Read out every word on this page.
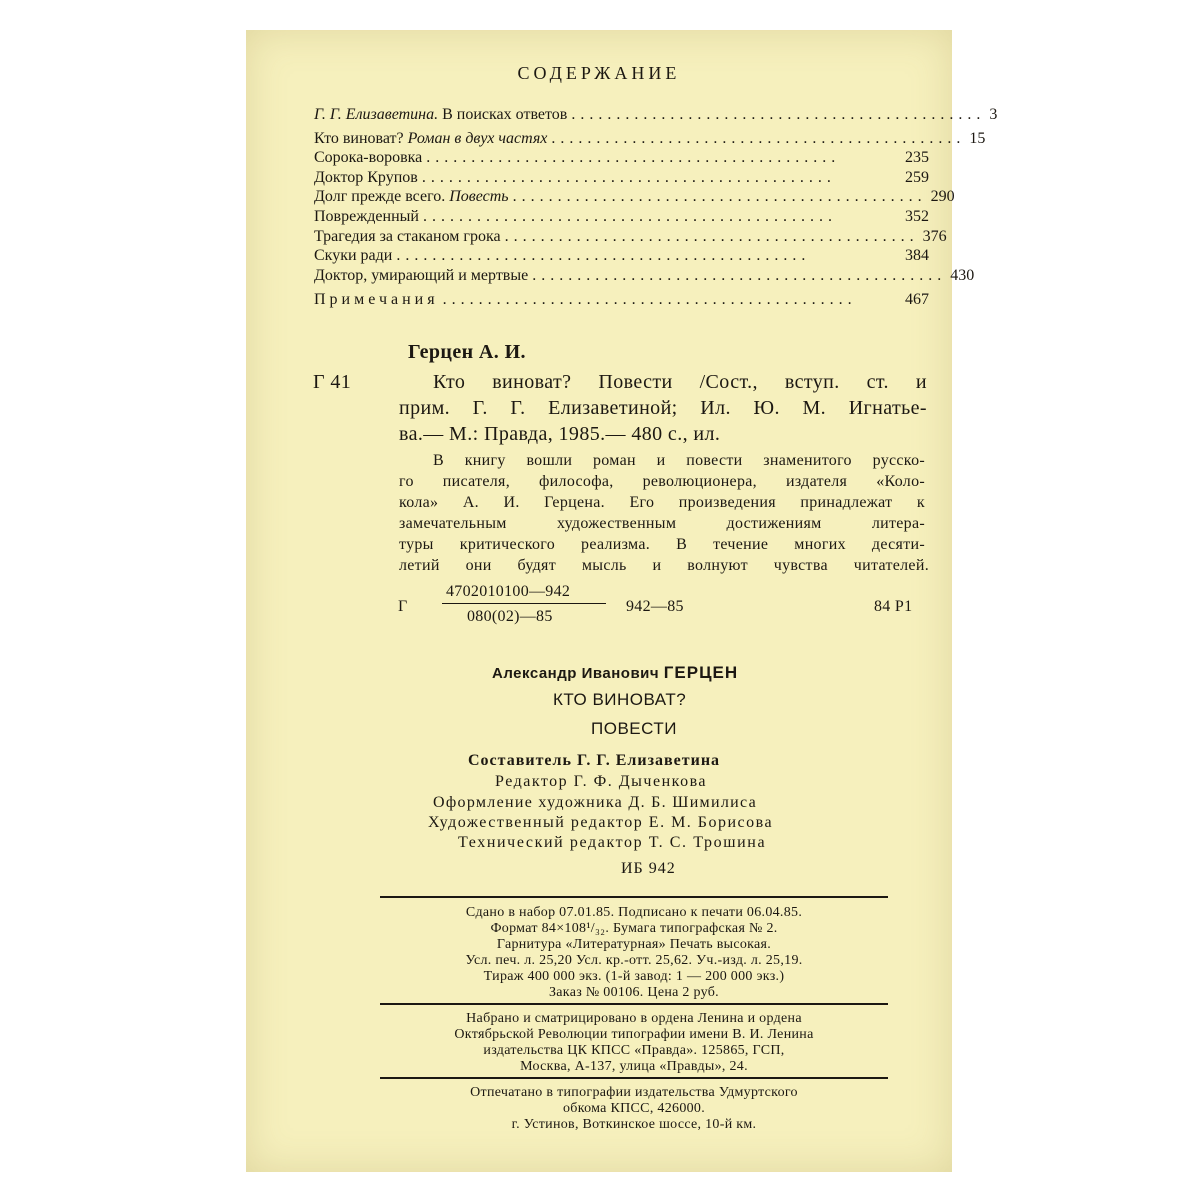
СОДЕРЖАНИЕ
Г. Г. Елизаветина. В поисках ответов .............................................. 3
Кто виноват? Роман в двух частях .............................................. 15
Сорока-воровка ..............................................	235
Доктор Крупов ..............................................	259
Долг прежде всего. Повесть .............................................. 290
Поврежденный ..............................................	352
Трагедия за стаканом грока .............................................. 376
Скуки ради ..............................................	384
Доктор, умирающий и мертвые .............................................. 430
Примечания ..............................................	467
Герцен А. И.
Г 41	Кто виноват? Повести /Сост., вступ. ст. и
прим. Г. Г. Елизаветиной; Ил. Ю. М. Игнатье-
ва.— М.: Правда, 1985.— 480 с., ил.
В книгу вошли роман и повести знаменитого русско-
го писателя, философа, революционера, издателя «Коло-
кола» А. И. Герцена. Его произведения принадлежат к
замечательным художественным достижениям литера-
туры критического реализма. В течение многих десяти-
летий они будят мысль и волнуют чувства читателей.
Г
4702010100—942
080(02)—85
942—85	84 Р1
Александр Иванович ГЕРЦЕН
КТО ВИНОВАТ?
ПОВЕСТИ
Составитель Г. Г. Елизаветина
Редактор Г. Ф. Дыченкова
Оформление художника Д. Б. Шимилиса
Художественный редактор Е. М. Борисова
Технический редактор Т. С. Трошина
ИБ 942
Сдано в набор 07.01.85. Подписано к печати 06.04.85.
Формат 84×108¹/₃₂. Бумага типографская № 2.
Гарнитура «Литературная» Печать высокая.
Усл. печ. л. 25,20 Усл. кр.-отт. 25,62. Уч.-изд. л. 25,19.
Тираж 400 000 экз. (1-й завод: 1 — 200 000 экз.)
Заказ № 00106. Цена 2 руб.
Набрано и сматрицировано в ордена Ленина и ордена
Октябрьской Революции типографии имени В. И. Ленина
издательства ЦК КПСС «Правда». 125865, ГСП,
Москва, А-137, улица «Правды», 24.
Отпечатано в типографии издательства Удмуртского
обкома КПСС, 426000.
г. Устинов, Воткинское шоссе, 10-й км.
